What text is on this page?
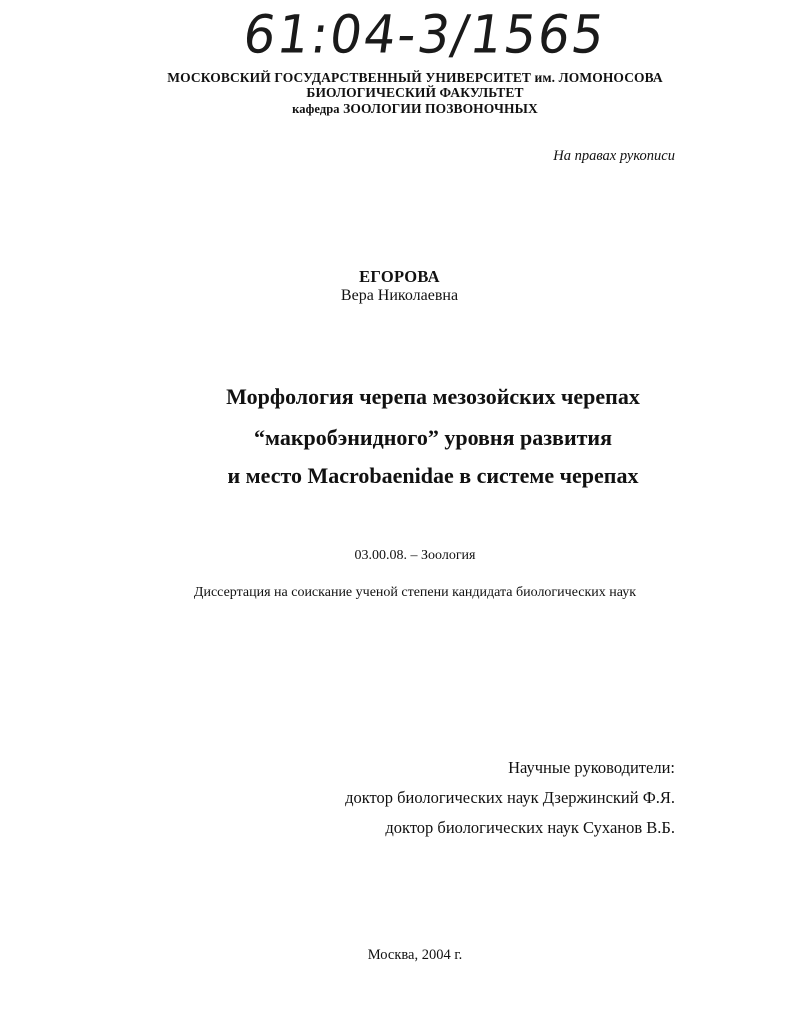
61:04-3/1565
МОСКОВСКИЙ ГОСУДАРСТВЕННЫЙ УНИВЕРСИТЕТ им. ЛОМОНОСОВА
БИОЛОГИЧЕСКИЙ ФАКУЛЬТЕТ
кафедра ЗООЛОГИИ ПОЗВОНОЧНЫХ
На правах рукописи
ЕГОРОВА
Вера Николаевна
Морфология черепа мезозойских черепах
“макробэнидного” уровня развития
и место Macrobaenidae в системе черепах
03.00.08. – Зоология
Диссертация на соискание ученой степени кандидата биологических наук
Научные руководители:
доктор биологических наук Дзержинский Ф.Я.
доктор биологических наук Суханов В.Б.
Москва, 2004 г.
